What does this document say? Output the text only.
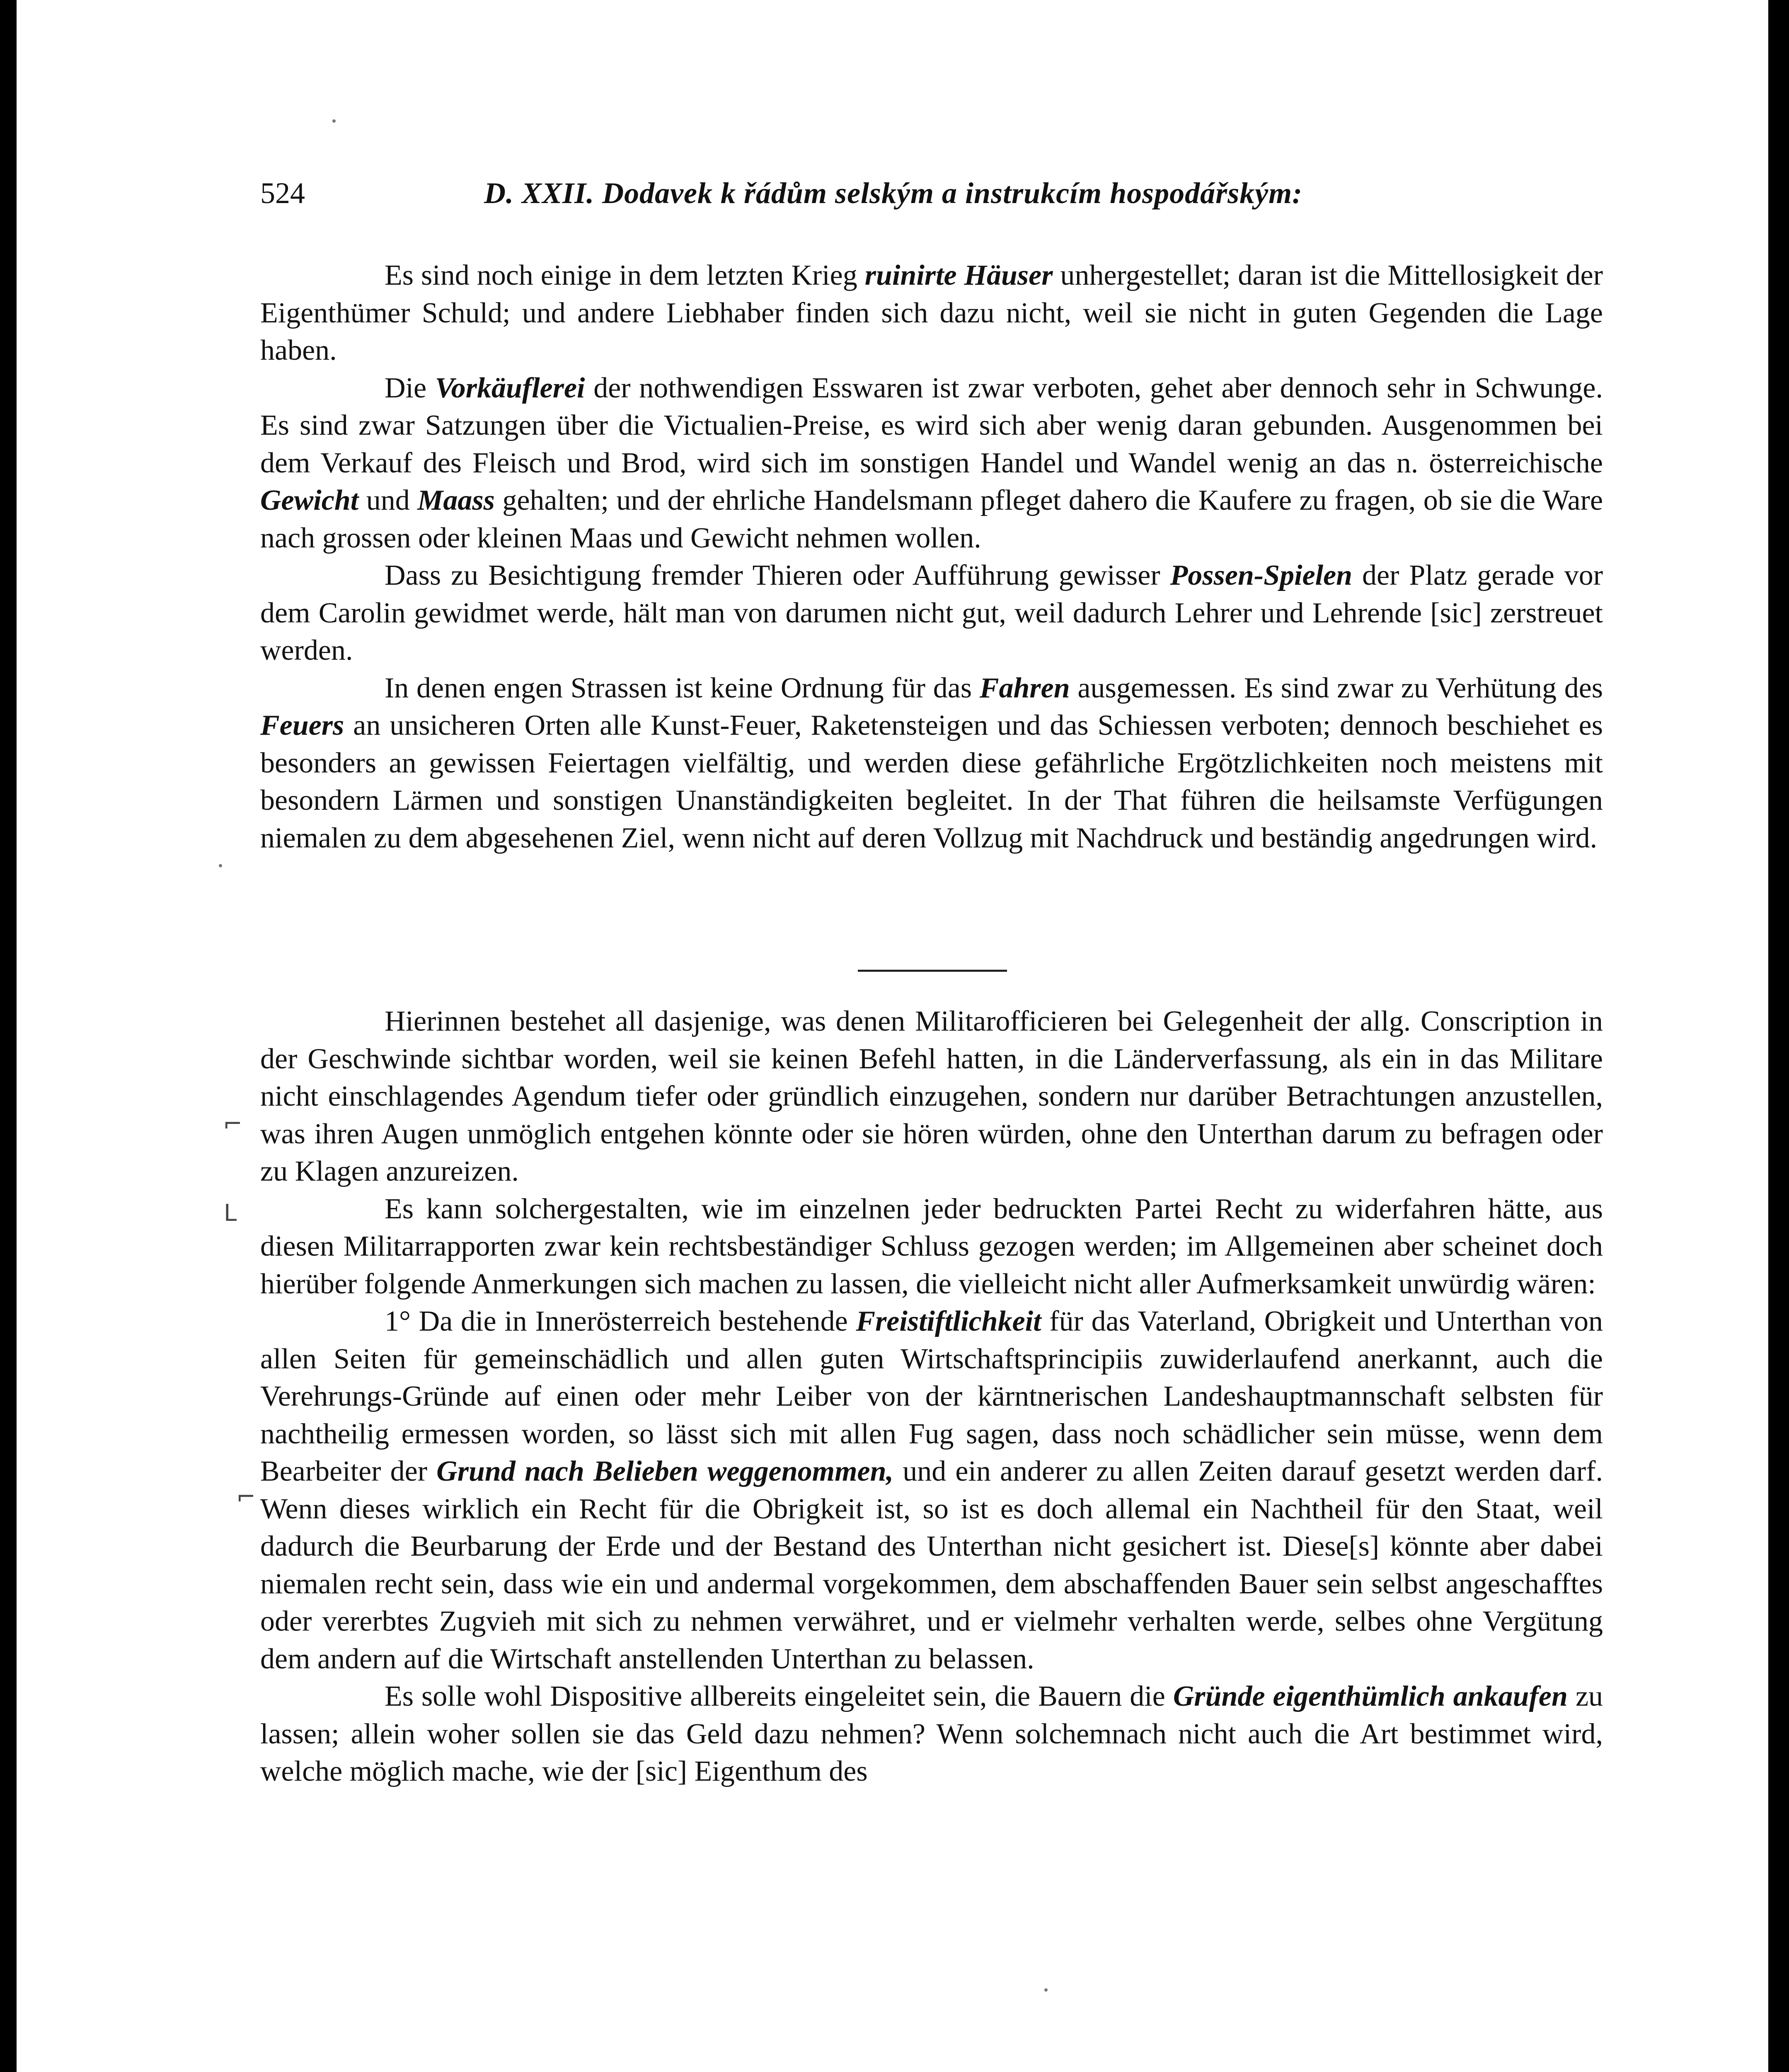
524	D. XXII. Dodavek k řádům selským a instrukcím hospodářským:

Es sind noch einige in dem letzten Krieg ruinirte Häuser unhergestellet; daran ist die Mittellosigkeit der Eigenthümer Schuld; und andere Liebhaber finden sich dazu nicht, weil sie nicht in guten Gegenden die Lage haben.

Die Vorkäuflerei der nothwendigen Esswaren ist zwar verboten, gehet aber dennoch sehr in Schwunge. Es sind zwar Satzungen über die Victualien-Preise, es wird sich aber wenig daran gebunden. Ausgenommen bei dem Verkauf des Fleisch und Brod, wird sich im sonstigen Handel und Wandel wenig an das n. österreichische Gewicht und Maass gehalten; und der ehrliche Handelsmann pfleget dahero die Kaufere zu fragen, ob sie die Ware nach grossen oder kleinen Maas und Gewicht nehmen wollen.

Dass zu Besichtigung fremder Thieren oder Aufführung gewisser Possen-Spielen der Platz gerade vor dem Carolin gewidmet werde, hält man von darumen nicht gut, weil dadurch Lehrer und Lehrende [sic] zerstreuet werden.

In denen engen Strassen ist keine Ordnung für das Fahren ausgemessen. Es sind zwar zu Verhütung des Feuers an unsicheren Orten alle Kunst-Feuer, Raketensteigen und das Schiessen verboten; dennoch beschiehet es besonders an gewissen Feiertagen vielfältig, und werden diese gefährliche Ergötzlichkeiten noch meistens mit besondern Lärmen und sonstigen Unanständigkeiten begleitet. In der That führen die heilsamste Verfügungen niemalen zu dem abgesehenen Ziel, wenn nicht auf deren Vollzug mit Nachdruck und beständig angedrungen wird.

Hierinnen bestehet all dasjenige, was denen Militarofficieren bei Gelegenheit der allg. Conscription in der Geschwinde sichtbar worden, weil sie keinen Befehl hatten, in die Länderverfassung, als ein in das Militare nicht einschlagendes Agendum tiefer oder gründlich einzugehen, sondern nur darüber Betrachtungen anzustellen, was ihren Augen unmöglich entgehen könnte oder sie hören würden, ohne den Unterthan darum zu befragen oder zu Klagen anzureizen.

Es kann solchergestalten, wie im einzelnen jeder bedruckten Partei Recht zu widerfahren hätte, aus diesen Militarrapporten zwar kein rechtsbeständiger Schluss gezogen werden; im Allgemeinen aber scheinet doch hierüber folgende Anmerkungen sich machen zu lassen, die vielleicht nicht aller Aufmerksamkeit unwürdig wären:

1° Da die in Innerösterreich bestehende Freistiftlichkeit für das Vaterland, Obrigkeit und Unterthan von allen Seiten für gemeinschädlich und allen guten Wirtschaftsprincipiis zuwiderlaufend anerkannt, auch die Verehrungs-Gründe auf einen oder mehr Leiber von der kärntnerischen Landeshauptmannschaft selbsten für nachtheilig ermessen worden, so lässt sich mit allen Fug sagen, dass noch schädlicher sein müsse, wenn dem Bearbeiter der Grund nach Belieben weggenommen, und ein anderer zu allen Zeiten darauf gesetzt werden darf. Wenn dieses wirklich ein Recht für die Obrigkeit ist, so ist es doch allemal ein Nachtheil für den Staat, weil dadurch die Beurbarung der Erde und der Bestand des Unterthan nicht gesichert ist. Diese[s] könnte aber dabei niemalen recht sein, dass wie ein und andermal vorgekommen, dem abschaffenden Bauer sein selbst angeschafftes oder vererbtes Zugvieh mit sich zu nehmen verwähret, und er vielmehr verhalten werde, selbes ohne Vergütung dem andern auf die Wirtschaft anstellenden Unterthan zu belassen.

Es solle wohl Dispositive allbereits eingeleitet sein, die Bauern die Gründe eigenthümlich ankaufen zu lassen; allein woher sollen sie das Geld dazu nehmen? Wenn solchemnach nicht auch die Art bestimmet wird, welche möglich mache, wie der [sic] Eigenthum des

⌐
L
⌐
